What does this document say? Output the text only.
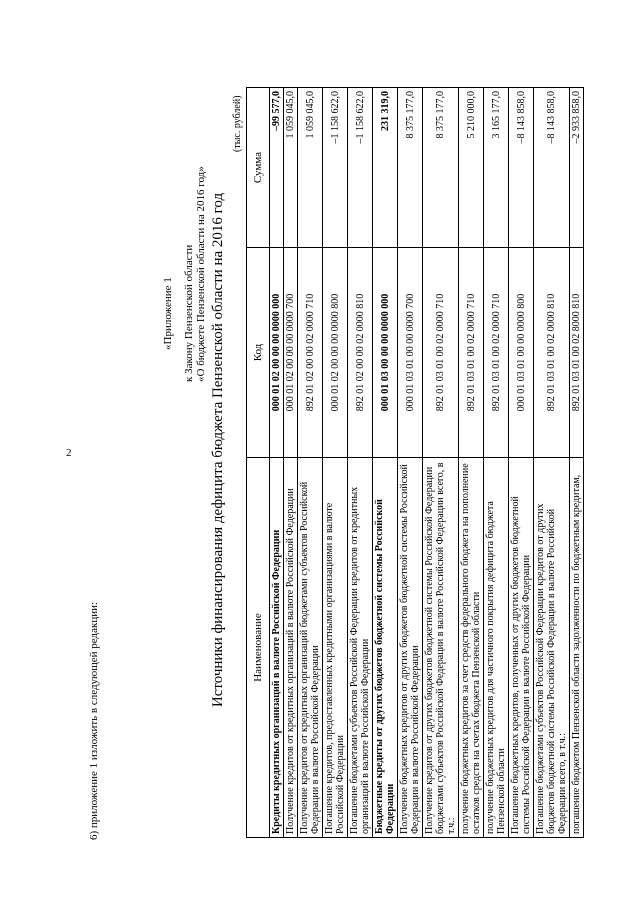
2
6) приложение 1 изложить в следующей редакции:
«Приложение 1 к Закону Пензенской области «О бюджете Пензенской области на 2016 год» Источники финансирования дефицита бюджета Пензенской области на 2016 год
(тыс. рублей)
Наименование	Код	Сумма
Кредиты кредитных организаций в валюте Российской Федерации	000 01 02 00 00 00 0000 000	–99 577,0
Получение кредитов от кредитных организаций в валюте Российской Федерации	000 01 02 00 00 00 0000 700	1 059 045,0
Получение кредитов от кредитных организаций бюджетами субъектов Российской Федерации в валюте Российской Федерации	892 01 02 00 00 02 0000 710	1 059 045,0
Погашение кредитов, предоставленных кредитными организациями в валюте Российской Федерации	000 01 02 00 00 00 0000 800	–1 158 622,0
Погашение бюджетами субъектов Российской Федерации кредитов от кредитных организаций в валюте Российской Федерации	892 01 02 00 00 02 0000 810	–1 158 622,0
Бюджетные кредиты от других бюджетов бюджетной системы Российской Федерации	000 01 03 00 00 00 0000 000	231 319,0
Получение бюджетных кредитов от других бюджетов бюджетной системы Российской Федерации в валюте Российской Федерации	000 01 03 01 00 00 0000 700	8 375 177,0
Получение кредитов от других бюджетов бюджетной системы Российской Федерации бюджетами субъектов Российской Федерации в валюте Российской Федерации всего, в т.ч.:	892 01 03 01 00 02 0000 710	8 375 177,0
получение бюджетных кредитов за счет средств федерального бюджета на пополнение остатков средств на счетах бюджета Пензенской области	892 01 03 01 00 02 0000 710	5 210 000,0
получение бюджетных кредитов для частичного покрытия дефицита бюджета Пензенской области	892 01 03 01 00 02 0000 710	3 165 177,0
Погашение бюджетных кредитов, полученных от других бюджетов бюджетной системы Российской Федерации в валюте Российской Федерации	000 01 03 01 00 00 0000 800	–8 143 858,0
Погашение бюджетами субъектов Российской Федерации кредитов от других бюджетов бюджетной системы Российской Федерации в валюте Российской Федерации всего, в т.ч.:	892 01 03 01 00 02 0000 810	–8 143 858,0

погашение бюджетом Пензенской области задолженности по бюджетным кредитам,	892 01 03 01 00 02 8000 810	–2 933 858,0
